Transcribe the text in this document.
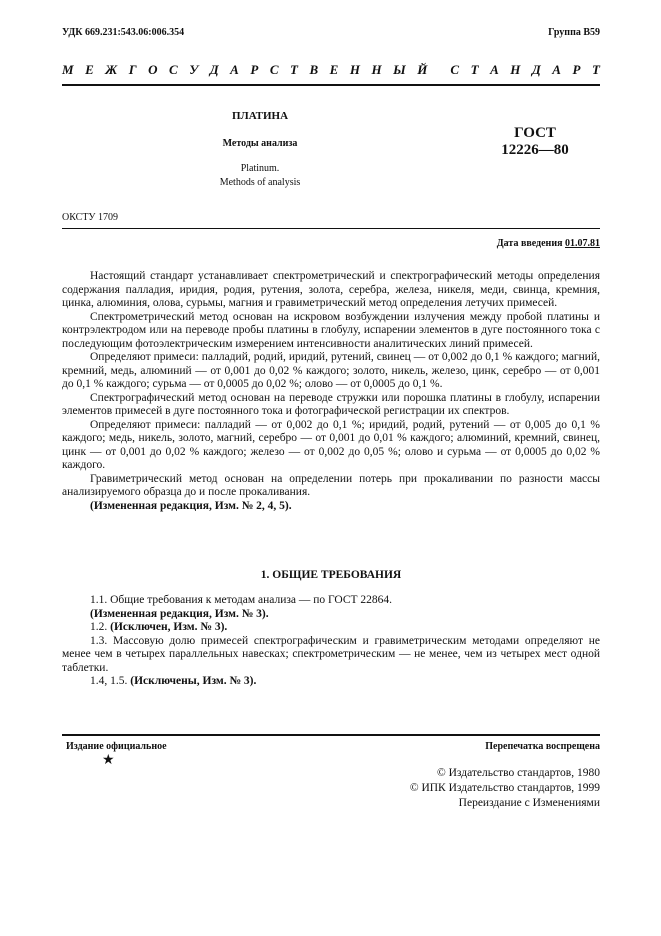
УДК 669.231:543.06:006.354	Группа B59
М Е Ж Г О С У Д А Р С Т В Е Н Н Ы Й С Т А Н Д А Р Т
ПЛАТИНА
Методы анализа
Platinum.
Methods of analysis
ГОСТ
12226—80
ОКСТУ 1709
Дата введения 01.07.81

Настоящий стандарт устанавливает спектрометрический и спектрографический методы определения содержания палладия, иридия, родия, рутения, золота, серебра, железа, никеля, меди, свинца, кремния, цинка, алюминия, олова, сурьмы, магния и гравиметрический метод определения летучих примесей.

Спектрометрический метод основан на искровом возбуждении излучения между пробой платины и контрэлектродом или на переводе пробы платины в глобулу, испарении элементов в дуге постоянного тока с последующим фотоэлектрическим измерением интенсивности аналитических линий примесей.

Определяют примеси: палладий, родий, иридий, рутений, свинец — от 0,002 до 0,1 % каждого; магний, кремний, медь, алюминий — от 0,001 до 0,02 % каждого; золото, никель, железо, цинк, серебро — от 0,001 до 0,1 % каждого; сурьма — от 0,0005 до 0,02 %; олово — от 0,0005 до 0,1 %.

Спектрографический метод основан на переводе стружки или порошка платины в глобулу, испарении элементов примесей в дуге постоянного тока и фотографической регистрации их спектров.

Определяют примеси: палладий — от 0,002 до 0,1 %; иридий, родий, рутений — от 0,005 до 0,1 % каждого; медь, никель, золото, магний, серебро — от 0,001 до 0,01 % каждого; алюминий, кремний, свинец, цинк — от 0,001 до 0,02 % каждого; железо — от 0,002 до 0,05 %; олово и сурьма — от 0,0005 до 0,02 % каждого.

Гравиметрический метод основан на определении потерь при прокаливании по разности массы анализируемого образца до и после прокаливания.

(Измененная редакция, Изм. № 2, 4, 5).

1. ОБЩИЕ ТРЕБОВАНИЯ

1.1. Общие требования к методам анализа — по ГОСТ 22864.

(Измененная редакция, Изм. № 3).

1.2. (Исключен, Изм. № 3).

1.3. Массовую долю примесей спектрографическим и гравиметрическим методами определяют не менее чем в четырех параллельных навесках; спектрометрическим — не менее, чем из четырех мест одной таблетки.

1.4, 1.5. (Исключены, Изм. № 3).

Издание официальное	Перепечатка воспрещена
★
© Издательство стандартов, 1980
© ИПК Издательство стандартов, 1999
Переиздание с Изменениями
